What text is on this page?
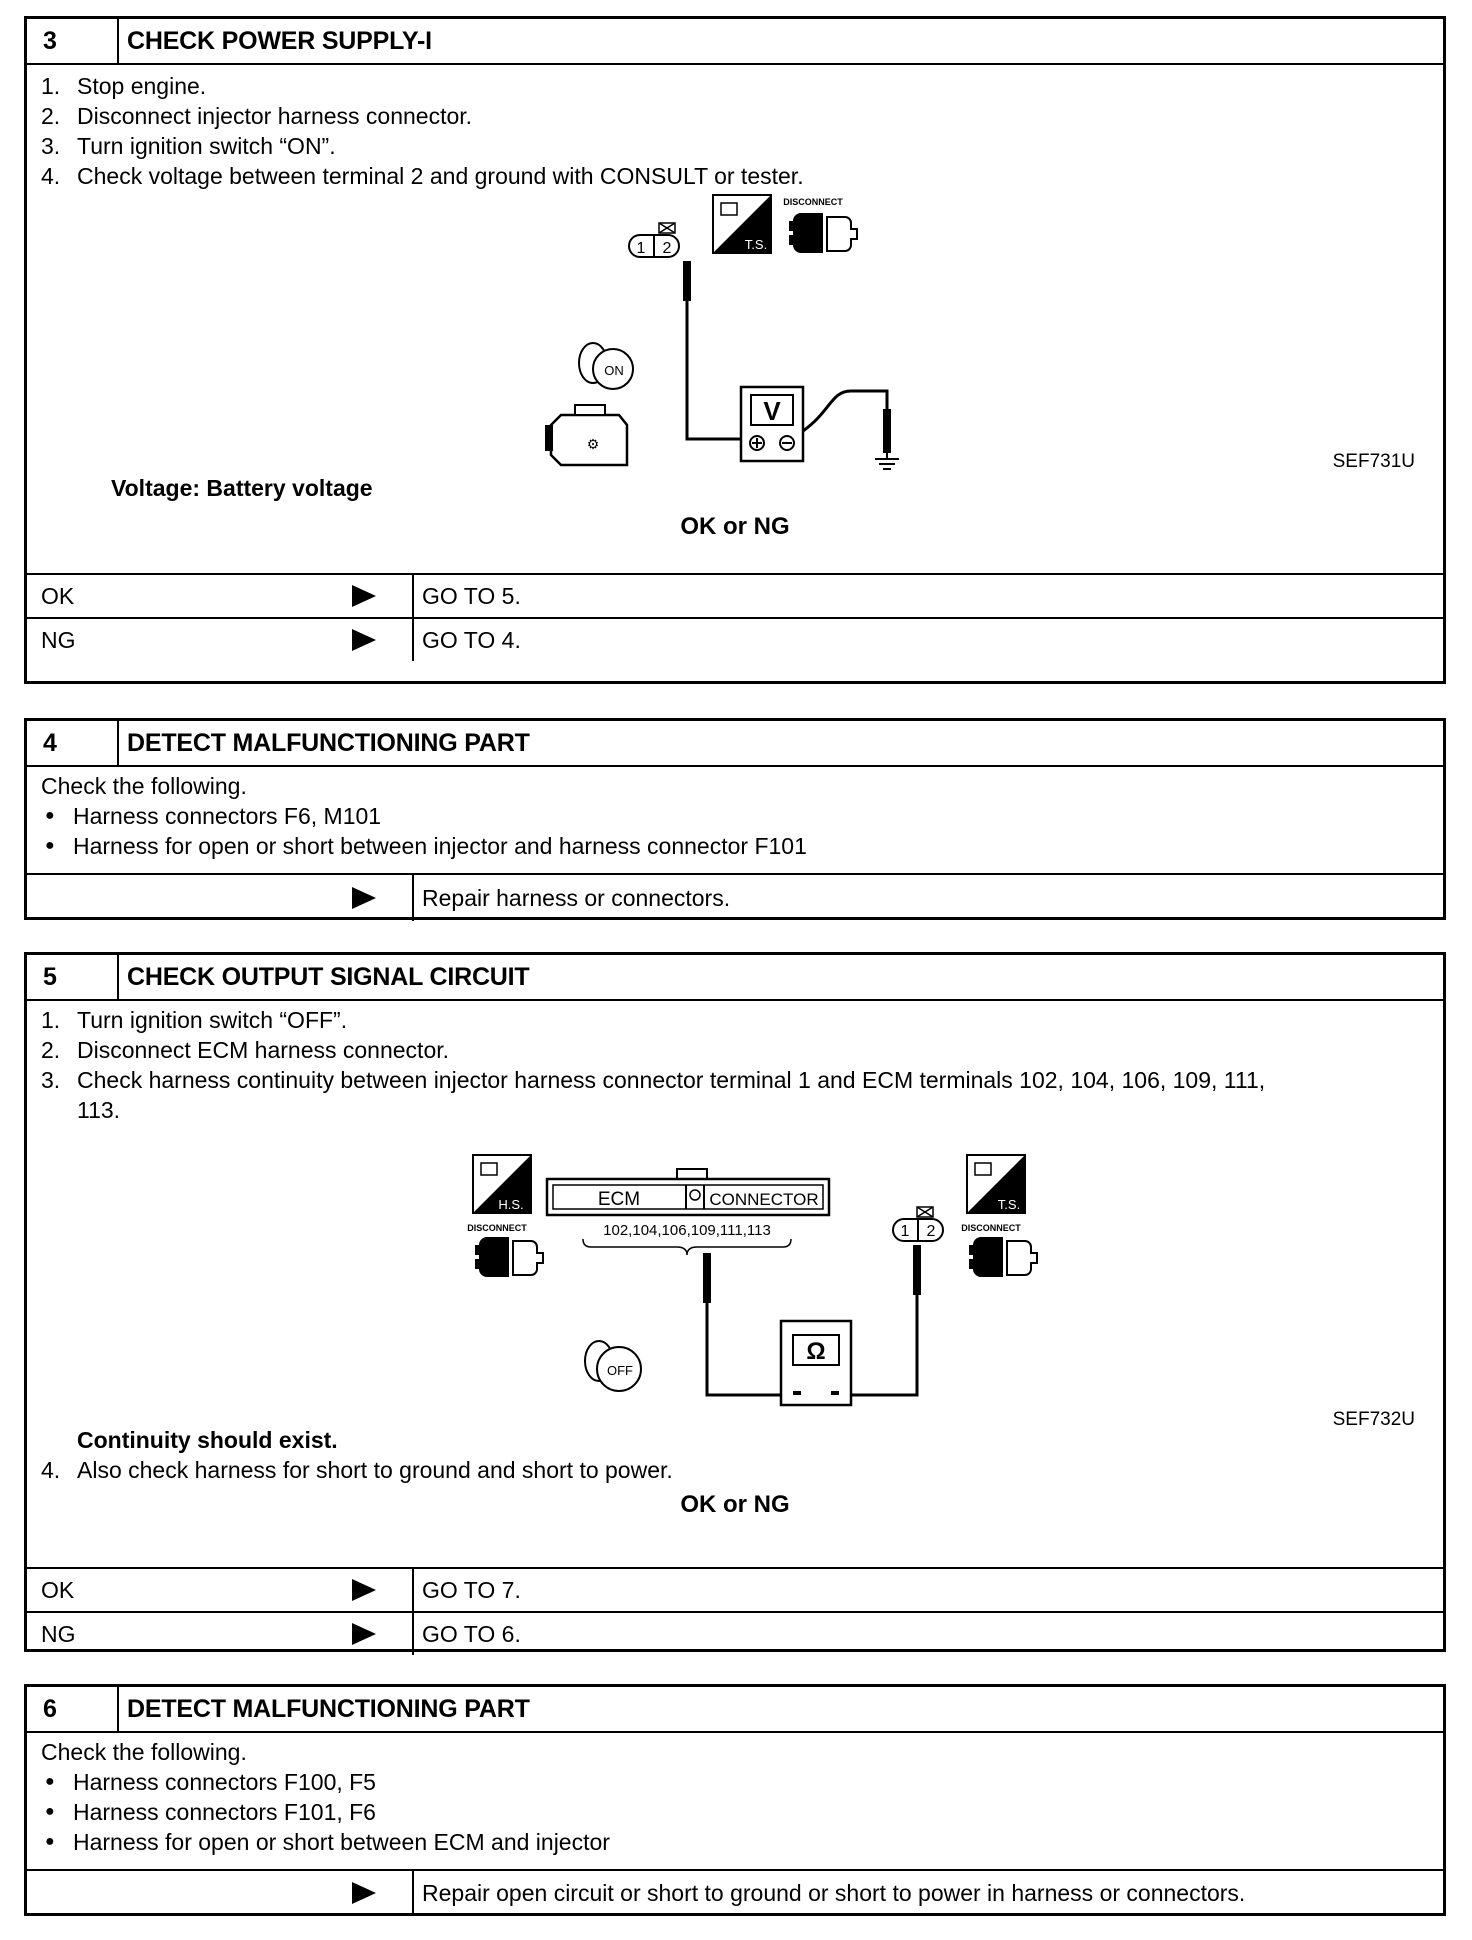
3	CHECK POWER SUPPLY-I
1. Stop engine.
2. Disconnect injector harness connector.
3. Turn ignition switch “ON”.
4. Check voltage between terminal 2 and ground with CONSULT or tester.
1 2	T.S.
DISCONNECT
V
ON
⚙
SEF731U
Voltage: Battery voltage
OK or NG
OK	GO TO 5.
NG	GO TO 4.
4	DETECT MALFUNCTIONING PART
Check the following.
● Harness connectors F6, M101
● Harness for open or short between injector and harness connector F101
Repair harness or connectors.
5	CHECK OUTPUT SIGNAL CIRCUIT
1. Turn ignition switch “OFF”.
2. Disconnect ECM harness connector.
3. Check harness continuity between injector harness connector terminal 1 and ECM terminals 102, 104, 106, 109, 111,
113.
H.S.
DISCONNECT
ECM	CONNECTOR
102,104,106,109,111,113
Ω
1 2
T.S.
DISCONNECT
OFF
SEF732U
Continuity should exist.
4. Also check harness for short to ground and short to power.
OK or NG
OK	GO TO 7.
NG	GO TO 6.
6	DETECT MALFUNCTIONING PART
Check the following.
● Harness connectors F100, F5
● Harness connectors F101, F6
● Harness for open or short between ECM and injector
Repair open circuit or short to ground or short to power in harness or connectors.
